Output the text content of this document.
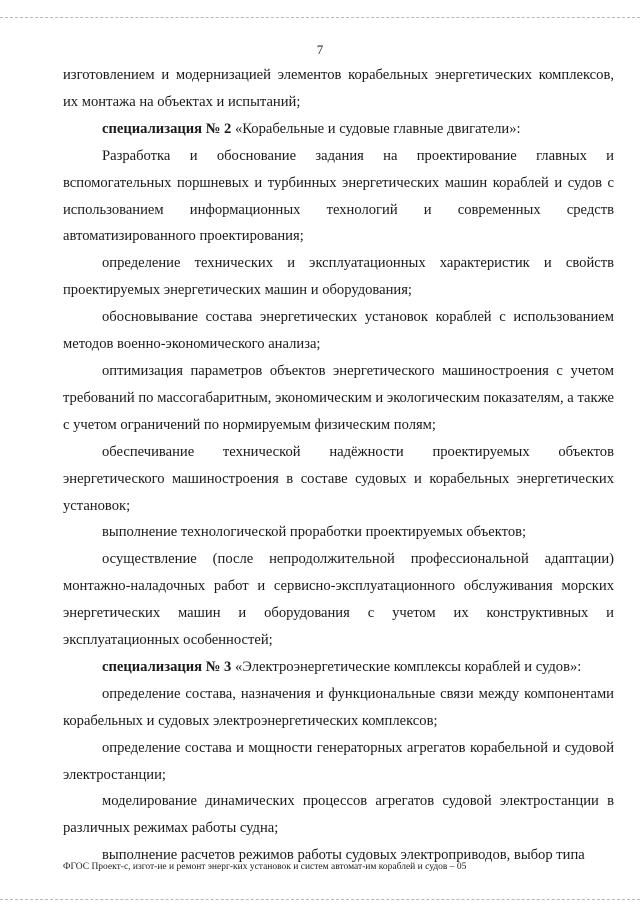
7

изготовлением и модернизацией элементов корабельных энергетических комплексов, их монтажа на объектах и испытаний;

специализация № 2 «Корабельные и судовые главные двигатели»:

Разработка и обоснование задания на проектирование главных и вспомогательных поршневых и турбинных энергетических машин кораблей и судов с использованием информационных технологий и современных средств автоматизированного проектирования;

определение технических и эксплуатационных характеристик и свойств проектируемых энергетических машин и оборудования;

обосновывание состава энергетических установок кораблей с использованием методов военно-экономического анализа;

оптимизация параметров объектов энергетического машиностроения с учетом требований по массогабаритным, экономическим и экологическим показателям, а также с учетом ограничений по нормируемым физическим полям;

обеспечивание технической надёжности проектируемых объектов энергетического машиностроения в составе судовых и корабельных энергетических установок;

выполнение технологической проработки проектируемых объектов;

осуществление (после непродолжительной профессиональной адаптации) монтажно-наладочных работ и сервисно-эксплуатационного обслуживания морских энергетических машин и оборудования с учетом их конструктивных и эксплуатационных особенностей;

специализация № 3 «Электроэнергетические комплексы кораблей и судов»:

определение состава, назначения и функциональные связи между компонентами корабельных и судовых электроэнергетических комплексов;

определение состава и мощности генераторных агрегатов корабельной и судовой электростанции;

моделирование динамических процессов агрегатов судовой электростанции в различных режимах работы судна;

выполнение расчетов режимов работы судовых электроприводов, выбор типа

ФГОС Проект-с, изгот-ие и ремонт энерг-ких установок и систем автомат-им кораблей и судов – 05
